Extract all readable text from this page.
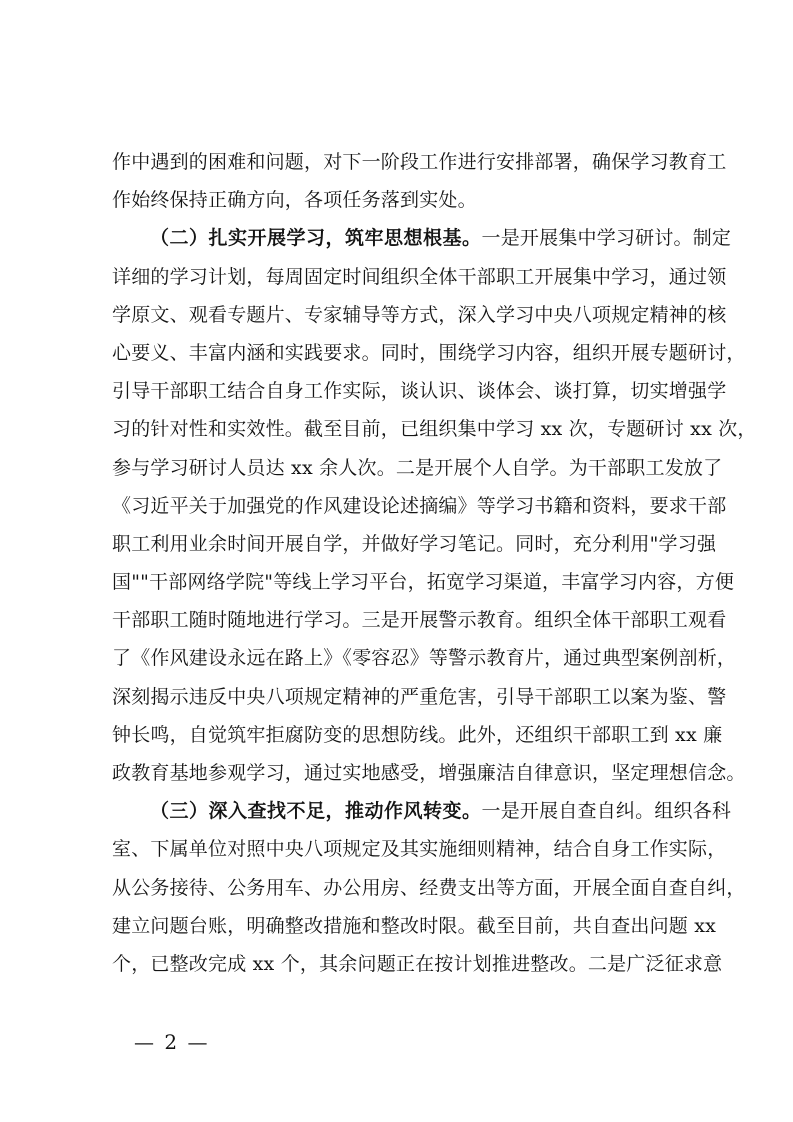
作中遇到的困难和问题，对下一阶段工作进行安排部署，确保学习教育工
作始终保持正确方向，各项任务落到实处。
（二）扎实开展学习，筑牢思想根基。一是开展集中学习研讨。制定
详细的学习计划，每周固定时间组织全体干部职工开展集中学习，通过领
学原文、观看专题片、专家辅导等方式，深入学习中央八项规定精神的核
心要义、丰富内涵和实践要求。同时，围绕学习内容，组织开展专题研讨，
引导干部职工结合自身工作实际，谈认识、谈体会、谈打算，切实增强学
习的针对性和实效性。截至目前，已组织集中学习 xx 次，专题研讨 xx 次，
参与学习研讨人员达 xx 余人次。二是开展个人自学。为干部职工发放了
《习近平关于加强党的作风建设论述摘编》等学习书籍和资料，要求干部
职工利用业余时间开展自学，并做好学习笔记。同时，充分利用"学习强
国""干部网络学院"等线上学习平台，拓宽学习渠道，丰富学习内容，方便
干部职工随时随地进行学习。三是开展警示教育。组织全体干部职工观看
了《作风建设永远在路上》《零容忍》等警示教育片，通过典型案例剖析，
深刻揭示违反中央八项规定精神的严重危害，引导干部职工以案为鉴、警
钟长鸣，自觉筑牢拒腐防变的思想防线。此外，还组织干部职工到 xx 廉
政教育基地参观学习，通过实地感受，增强廉洁自律意识，坚定理想信念。
（三）深入查找不足，推动作风转变。一是开展自查自纠。组织各科
室、下属单位对照中央八项规定及其实施细则精神，结合自身工作实际，
从公务接待、公务用车、办公用房、经费支出等方面，开展全面自查自纠，
建立问题台账，明确整改措施和整改时限。截至目前，共自查出问题 xx
个，已整改完成 xx 个，其余问题正在按计划推进整改。二是广泛征求意
— 2 —
